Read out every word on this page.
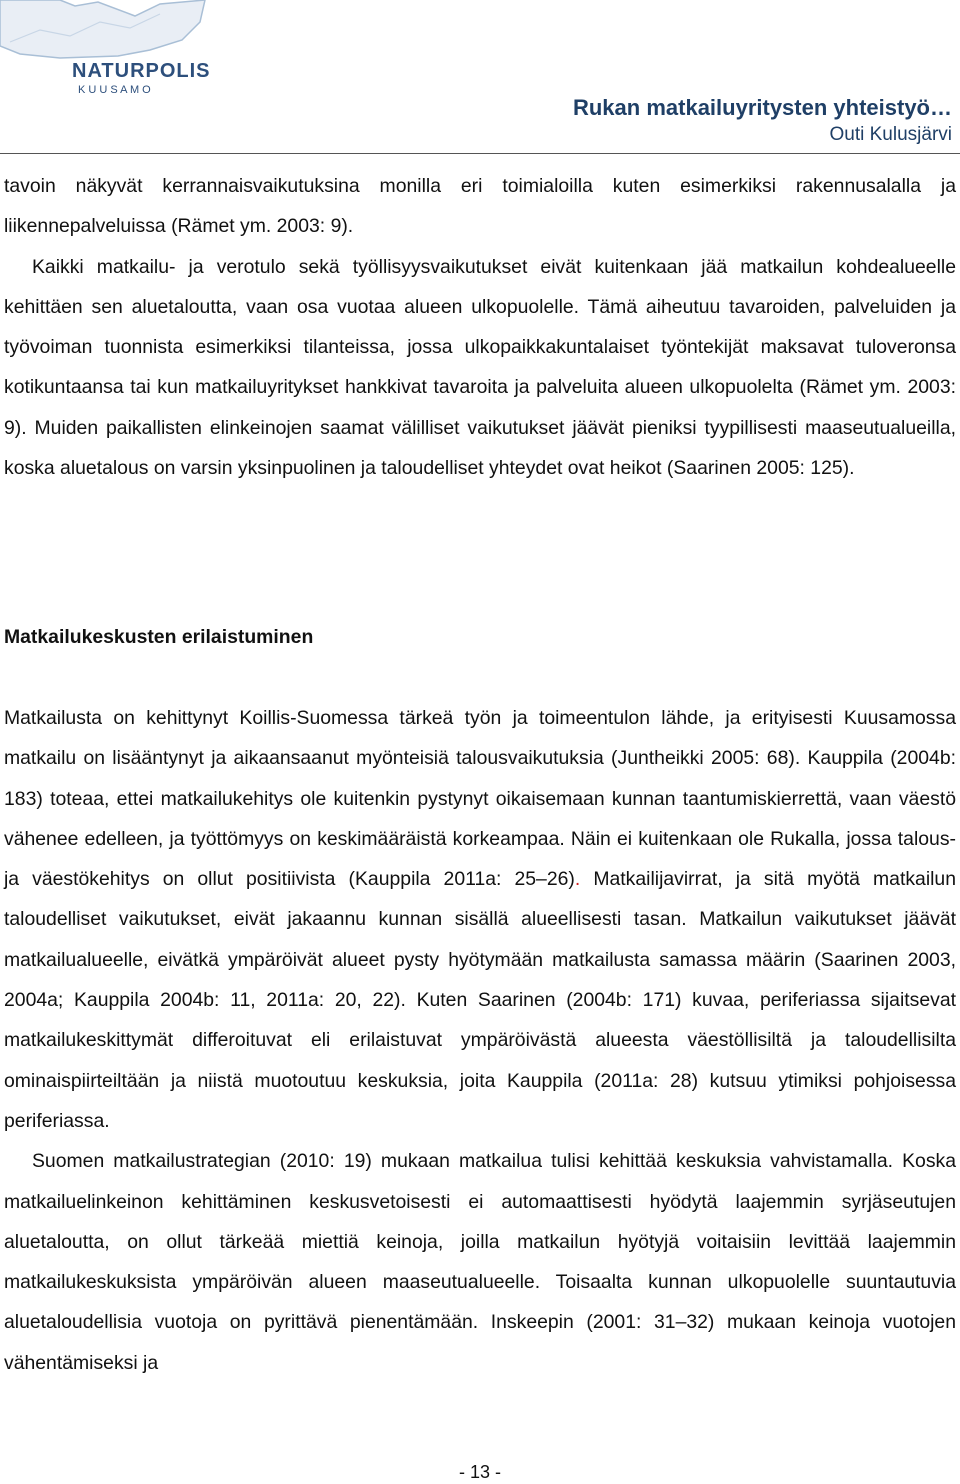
NATURPOLIS
K U U S A M O
Rukan matkailuyritysten yhteistyö…
Outi Kulusjärvi

tavoin näkyvät kerrannaisvaikutuksina monilla eri toimialoilla kuten esimerkiksi rakennusalalla ja liikennepalveluissa (Rämet ym. 2003: 9).

Kaikki matkailu- ja verotulo sekä työllisyysvaikutukset eivät kuitenkaan jää matkailun kohdealueelle kehittäen sen aluetaloutta, vaan osa vuotaa alueen ulkopuolelle. Tämä aiheutuu tavaroiden, palveluiden ja työvoiman tuonnista esimerkiksi tilanteissa, jossa ulkopaikkakuntalaiset työntekijät maksavat tuloveronsa kotikuntaansa tai kun matkailuyritykset hankkivat tavaroita ja palveluita alueen ulkopuolelta (Rämet ym. 2003: 9). Muiden paikallisten elinkeinojen saamat välilliset vaikutukset jäävät pieniksi tyypillisesti maaseutualueilla, koska aluetalous on varsin yksinpuolinen ja taloudelliset yhteydet ovat heikot (Saarinen 2005: 125).

Matkailukeskusten erilaistuminen

Matkailusta on kehittynyt Koillis-Suomessa tärkeä työn ja toimeentulon lähde, ja erityisesti Kuusamossa matkailu on lisääntynyt ja aikaansaanut myönteisiä talousvaikutuksia (Juntheikki 2005: 68). Kauppila (2004b: 183) toteaa, ettei matkailukehitys ole kuitenkin pystynyt oikaisemaan kunnan taantumiskierrettä, vaan väestö vähenee edelleen, ja työttömyys on keskimääräistä korkeampaa. Näin ei kuitenkaan ole Rukalla, jossa talous- ja väestökehitys on ollut positiivista (Kauppila 2011a: 25–26). Matkailijavirrat, ja sitä myötä matkailun taloudelliset vaikutukset, eivät jakaannu kunnan sisällä alueellisesti tasan. Matkailun vaikutukset jäävät matkailualueelle, eivätkä ympäröivät alueet pysty hyötymään matkailusta samassa määrin (Saarinen 2003, 2004a; Kauppila 2004b: 11, 2011a: 20, 22). Kuten Saarinen (2004b: 171) kuvaa, periferiassa sijaitsevat matkailukeskittymät differoituvat eli erilaistuvat ympäröivästä alueesta väestöllisiltä ja taloudellisilta ominaispiirteiltään ja niistä muotoutuu keskuksia, joita Kauppila (2011a: 28) kutsuu ytimiksi pohjoisessa periferiassa.

Suomen matkailustrategian (2010: 19) mukaan matkailua tulisi kehittää keskuksia vahvistamalla. Koska matkailuelinkeinon kehittäminen keskusvetoisesti ei automaattisesti hyödytä laajemmin syrjäseutujen aluetaloutta, on ollut tärkeää miettiä keinoja, joilla matkailun hyötyjä voitaisiin levittää laajemmin matkailukeskuksista ympäröivän alueen maaseutualueelle. Toisaalta kunnan ulkopuolelle suuntautuvia aluetaloudellisia vuotoja on pyrittävä pienentämään. Inskeepin (2001: 31–32) mukaan keinoja vuotojen vähentämiseksi ja

- 13 -
